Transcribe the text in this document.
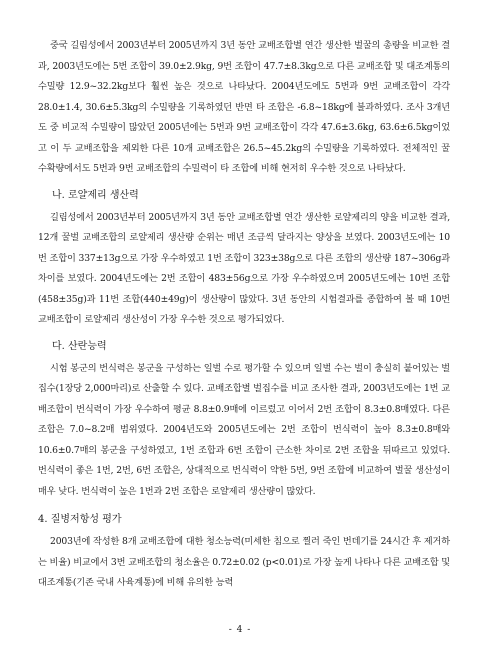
중국 길림성에서 2003년부터 2005년까지 3년 동안 교배조합별 연간 생산한 벌꿀의 총량을 비교한 결과, 2003년도에는 5번 조합이 39.0±2.9kg, 9번 조합이 47.7±8.3kg으로 다른 교배조합 및 대조계통의 수밀량 12.9~32.2kg보다 훨씬 높은 것으로 나타났다. 2004년도에도 5번과 9번 교배조합이 각각 28.0±1.4, 30.6±5.3kg의 수밀량을 기록하였던 반면 타 조합은 -6.8~18kg에 불과하였다. 조사 3개년도 중 비교적 수밀량이 많았던 2005년에는 5번과 9번 교배조합이 각각 47.6±3.6kg, 63.6±6.5kg이었고 이 두 교배조합을 제외한 다른 10개 교배조합은 26.5~45.2kg의 수밀량을 기록하였다. 전체적인 꿀 수확량에서도 5번과 9번 교배조합의 수밀력이 타 조합에 비해 현저히 우수한 것으로 나타났다.

나. 로얄제리 생산력

길림성에서 2003년부터 2005년까지 3년 동안 교배조합별 연간 생산한 로얄제리의 양을 비교한 결과, 12개 꿀벌 교배조합의 로얄제리 생산량 순위는 매년 조금씩 달라지는 양상을 보였다. 2003년도에는 10번 조합이 337±13g으로 가장 우수하였고 1번 조합이 323±38g으로 다른 조합의 생산량 187~306g과 차이를 보였다. 2004년도에는 2번 조합이 483±56g으로 가장 우수하였으며 2005년도에는 10번 조합(458±35g)과 11번 조합(440±49g)이 생산량이 많았다. 3년 동안의 시험결과를 종합하여 볼 때 10번 교배조합이 로얄제리 생산성이 가장 우수한 것으로 평가되었다.

다. 산란능력

시험 봉군의 번식력은 봉군을 구성하는 일벌 수로 평가할 수 있으며 일벌 수는 벌이 충실히 붙어있는 벌집수(1장당 2,000마리)로 산출할 수 있다. 교배조합별 벌집수를 비교 조사한 결과, 2003년도에는 1번 교배조합이 번식력이 가장 우수하여 평균 8.8±0.9매에 이르렀고 이어서 2번 조합이 8.3±0.8매였다. 다른 조합은 7.0~8.2매 범위였다. 2004년도와 2005년도에는 2번 조합이 번식력이 높아 8.3±0.8매와 10.6±0.7매의 봉군을 구성하였고, 1번 조합과 6번 조합이 근소한 차이로 2번 조합을 뒤따르고 있었다. 번식력이 좋은 1번, 2번, 6번 조합은, 상대적으로 번식력이 약한 5번, 9번 조합에 비교하여 벌꿀 생산성이 매우 낮다. 번식력이 높은 1번과 2번 조합은 로얄제리 생산량이 많았다.

4. 질병저항성 평가

2003년에 작성한 8개 교배조합에 대한 청소능력(미세한 침으로 찔러 죽인 번데기를 24시간 후 제거하는 비율) 비교에서 3번 교배조합의 청소율은 0.72±0.02 (p<0.01)로 가장 높게 나타나 다른 교배조합 및 대조계통(기존 국내 사육계통)에 비해 유의한 능력

- 4 -
